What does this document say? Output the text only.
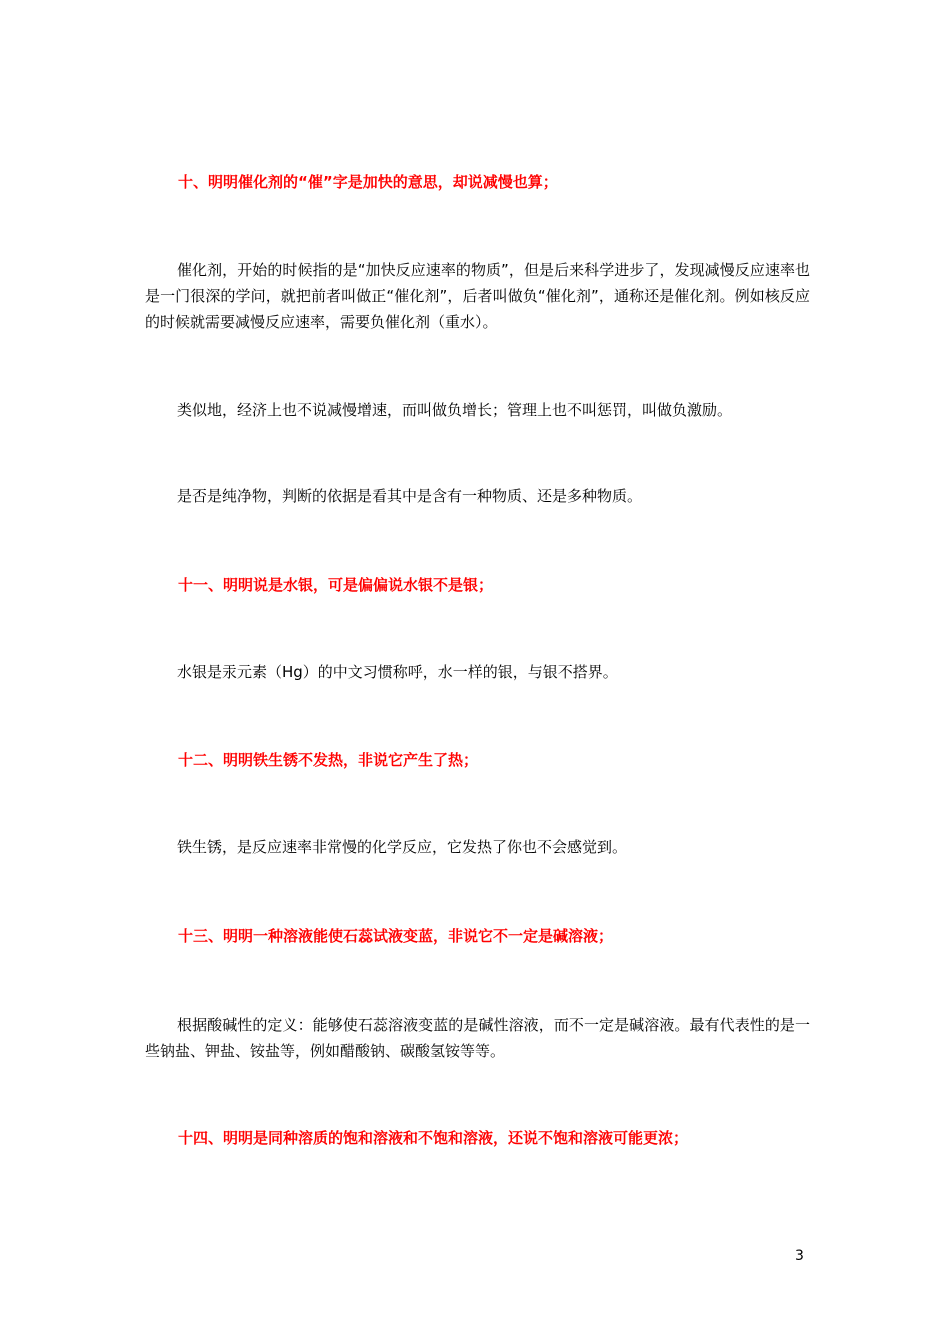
十、明明催化剂的“催”字是加快的意思，却说减慢也算；
催化剂，开始的时候指的是“加快反应速率的物质”，但是后来科学进步了，发现减慢反应速率也是一门很深的学问，就把前者叫做正“催化剂”，后者叫做负“催化剂”，通称还是催化剂。例如核反应的时候就需要减慢反应速率，需要负催化剂（重水）。
类似地，经济上也不说减慢增速，而叫做负增长；管理上也不叫惩罚，叫做负激励。
是否是纯净物，判断的依据是看其中是含有一种物质、还是多种物质。
十一、明明说是水银，可是偏偏说水银不是银；
水银是汞元素（Hg）的中文习惯称呼，水一样的银，与银不搭界。
十二、明明铁生锈不发热，非说它产生了热；
铁生锈，是反应速率非常慢的化学反应，它发热了你也不会感觉到。
十三、明明一种溶液能使石蕊试液变蓝，非说它不一定是碱溶液；
根据酸碱性的定义：能够使石蕊溶液变蓝的是碱性溶液，而不一定是碱溶液。最有代表性的是一些钠盐、钾盐、铵盐等，例如醋酸钠、碳酸氢铵等等。
十四、明明是同种溶质的饱和溶液和不饱和溶液，还说不饱和溶液可能更浓；
3
